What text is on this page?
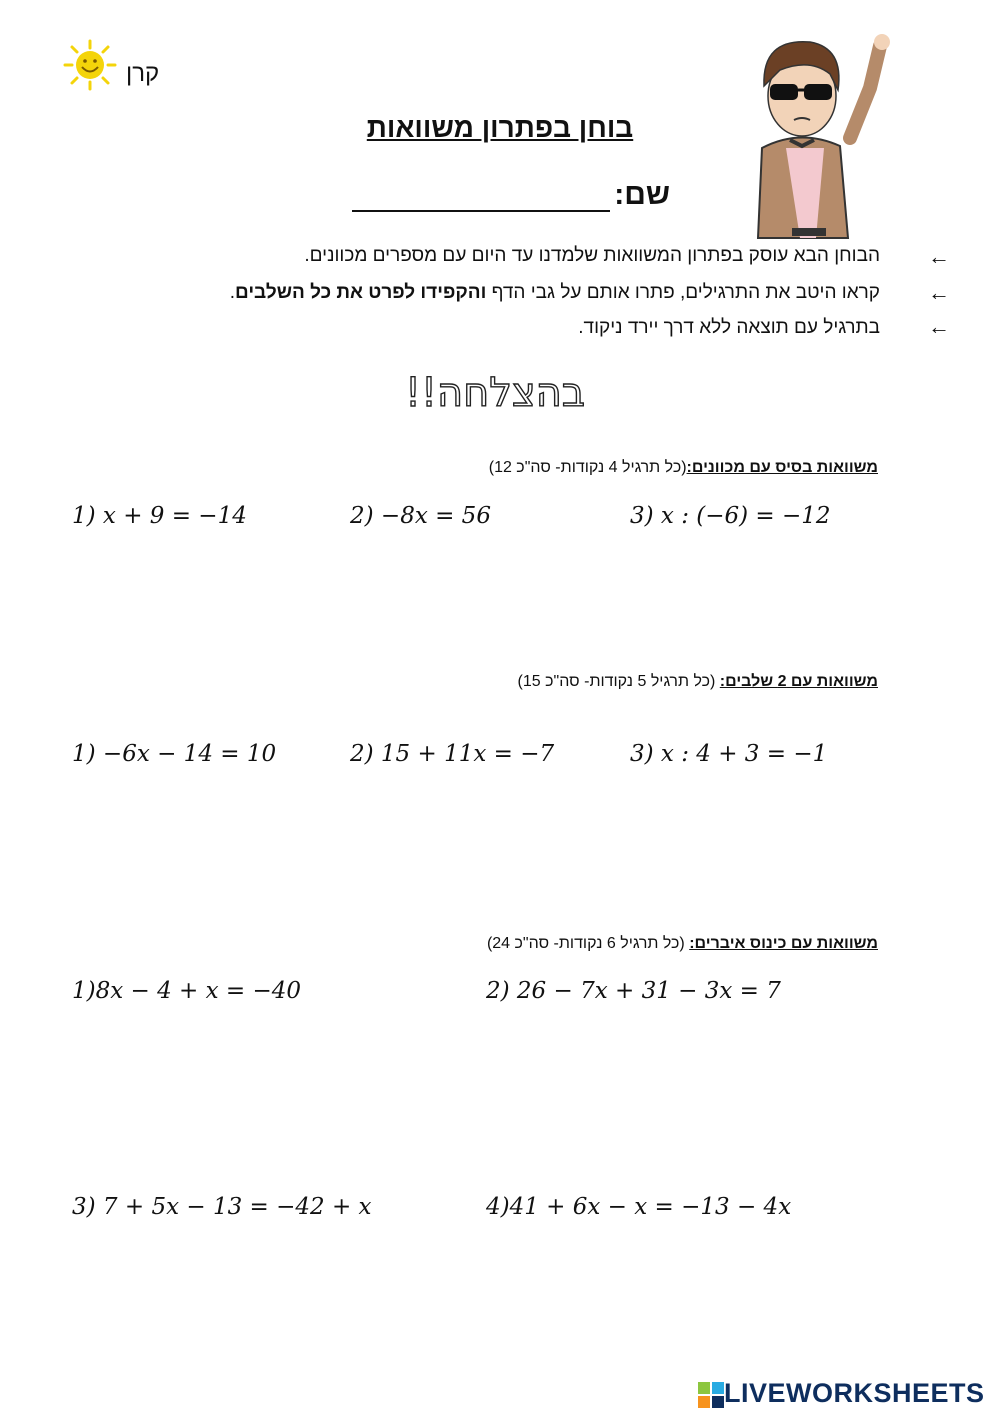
קרן
בוחן בפתרון משוואות
שם:
←
הבוחן הבא עוסק בפתרון המשוואות שלמדנו עד היום עם מספרים מכוונים.
←
קראו היטב את התרגילים, פתרו אותם על גבי הדף והקפידו לפרט את כל השלבים.
←
בתרגיל עם תוצאה ללא דרך יירד ניקוד.
בהצלחה!!
משוואות בסיס עם מכוונים:(כל תרגיל 4 נקודות- סה"כ 12)
1) 𝑥 + 9 = −14	2) −8𝑥 = 56	3) 𝑥 : (−6) = −12
משוואות עם 2 שלבים: (כל תרגיל 5 נקודות- סה"כ 15)
1) −6𝑥 − 14 = 10	2) 15 + 11𝑥 = −7	3) 𝑥 : 4 + 3 = −1
משוואות עם כינוס איברים: (כל תרגיל 6 נקודות- סה"כ 24)
1)8𝑥 − 4 + 𝑥 = −40	2) 26 − 7𝑥 + 31 − 3𝑥 = 7
3) 7 + 5𝑥 − 13 = −42 + 𝑥	4)41 + 6𝑥 − 𝑥 = −13 − 4𝑥
LIVEWORKSHEETS
